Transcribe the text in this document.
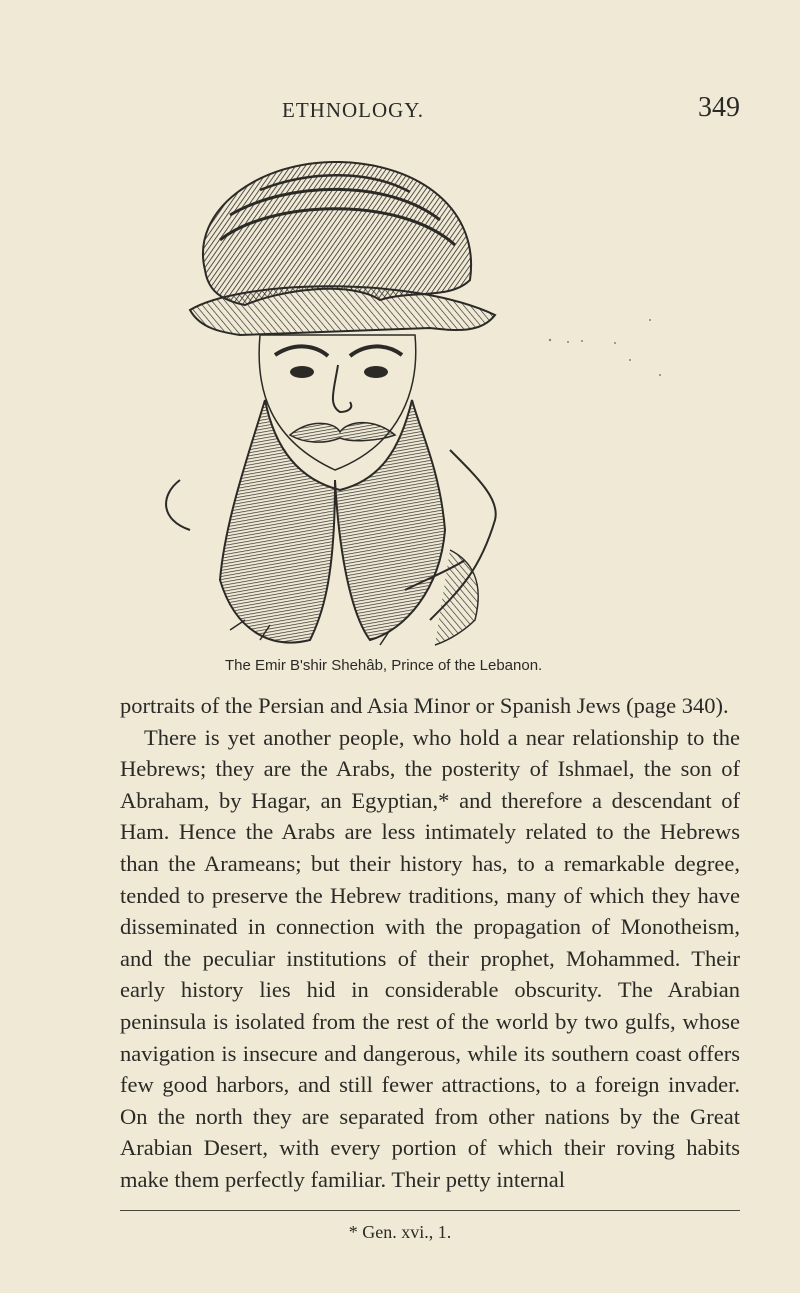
ETHNOLOGY.	349
The Emir B'shir Shehâb, Prince of the Lebanon.

portraits of the Persian and Asia Minor or Spanish Jews (page 340).

There is yet another people, who hold a near relationship to the Hebrews; they are the Arabs, the posterity of Ishmael, the son of Abraham, by Hagar, an Egyptian,* and therefore a descendant of Ham. Hence the Arabs are less intimately related to the Hebrews than the Arameans; but their history has, to a remarkable degree, tended to preserve the Hebrew traditions, many of which they have disseminated in connection with the propagation of Monotheism, and the peculiar institutions of their prophet, Mohammed. Their early history lies hid in considerable obscurity. The Arabian peninsula is isolated from the rest of the world by two gulfs, whose navigation is insecure and dangerous, while its southern coast offers few good harbors, and still fewer attractions, to a foreign invader. On the north they are separated from other nations by the Great Arabian Desert, with every portion of which their roving habits make them perfectly familiar. Their petty internal

* Gen. xvi., 1.
